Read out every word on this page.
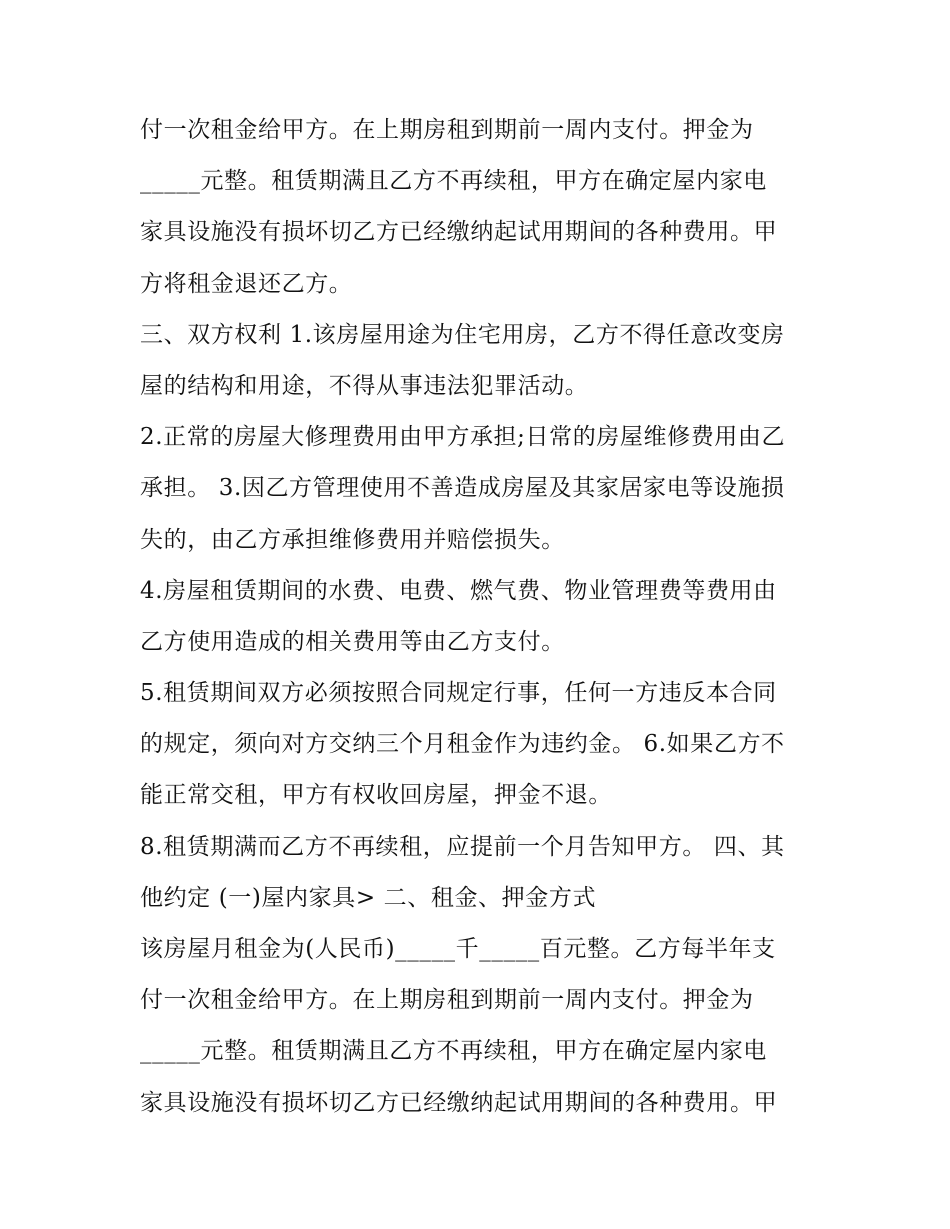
付一次租金给甲方。在上期房租到期前一周内支付。押金为
_____元整。租赁期满且乙方不再续租，甲方在确定屋内家电
家具设施没有损坏切乙方已经缴纳起试用期间的各种费用。甲
方将租金退还乙方。
三、双方权利 1.该房屋用途为住宅用房，乙方不得任意改变房
屋的结构和用途，不得从事违法犯罪活动。
2.正常的房屋大修理费用由甲方承担;日常的房屋维修费用由乙
承担。 3.因乙方管理使用不善造成房屋及其家居家电等设施损
失的，由乙方承担维修费用并赔偿损失。
4.房屋租赁期间的水费、电费、燃气费、物业管理费等费用由
乙方使用造成的相关费用等由乙方支付。
5.租赁期间双方必须按照合同规定行事，任何一方违反本合同
的规定，须向对方交纳三个月租金作为违约金。 6.如果乙方不
能正常交租，甲方有权收回房屋，押金不退。
8.租赁期满而乙方不再续租，应提前一个月告知甲方。 四、其
他约定 (一)屋内家具> 二、租金、押金方式
该房屋月租金为(人民币)_____千_____百元整。乙方每半年支
付一次租金给甲方。在上期房租到期前一周内支付。押金为
_____元整。租赁期满且乙方不再续租，甲方在确定屋内家电
家具设施没有损坏切乙方已经缴纳起试用期间的各种费用。甲
